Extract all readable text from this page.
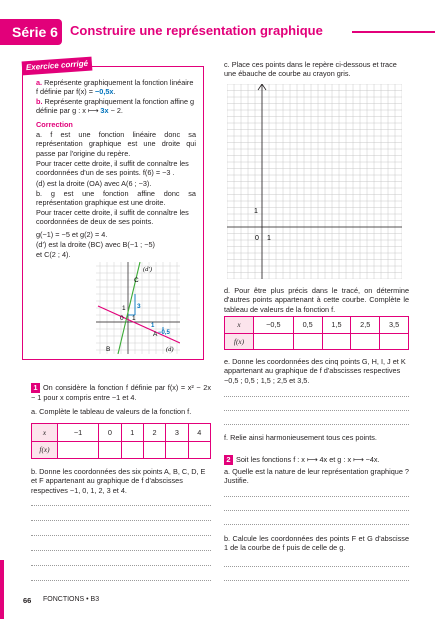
Série 6 Construire une représentation graphique
Exercice corrigé
a. Représente graphiquement la fonction linéaire f définie par f(x) = −0,5x.
b. Représente graphiquement la fonction affine g définie par g : x ⟼ 3x − 2.
Correction
a. f est une fonction linéaire donc sa représentation graphique est une droite qui passe par l'origine du repère.
Pour tracer cette droite, il suffit de connaître les coordonnées d'un de ses points. f(6) = −3 .
(d) est la droite (OA) avec A(6 ; −3).
b. g est une fonction affine donc sa représentation graphique est une droite.
Pour tracer cette droite, il suffit de connaître les coordonnées de deux de ses points.
g(−1) = −5 et g(2) = 4.
(d′) est la droite (BC) avec B(−1 ; −5)
et C(2 ; 4).
(d′)
(d)
C
A
B
0 1
1 3
−0,5
1
1 On considère la fonction f définie par f(x) = x² − 2x − 1 pour x compris entre −1 et 4.
a. Complète le tableau de valeurs de la fonction f.
x	−1	0	1	2	3	4
f(x)						
b. Donne les coordonnées des six points A, B, C, D, E et F appartenant au graphique de f d'abscisses respectives −1, 0, 1, 2, 3 et 4.
c. Place ces points dans le repère ci-dessous et trace une ébauche de courbe au crayon gris.
0 1
1
d. Pour être plus précis dans le tracé, on détermine d'autres points appartenant à cette courbe. Complète le tableau de valeurs de la fonction f.
x	−0,5	0,5	1,5	2,5	3,5
f(x)					
e. Donne les coordonnées des cinq points G, H, I, J et K appartenant au graphique de f d'abscisses respectives −0,5 ; 0,5 ; 1,5 ; 2,5 et 3,5.
f. Relie ainsi harmonieusement tous ces points.
2 Soit les fonctions f : x ⟼ 4x et g : x ⟼ −4x.
a. Quelle est la nature de leur représentation graphique ? Justifie.
b. Calcule les coordonnées des points F et G d'abscisse 1 de la courbe de f puis de celle de g.
66 FONCTIONS • B3
